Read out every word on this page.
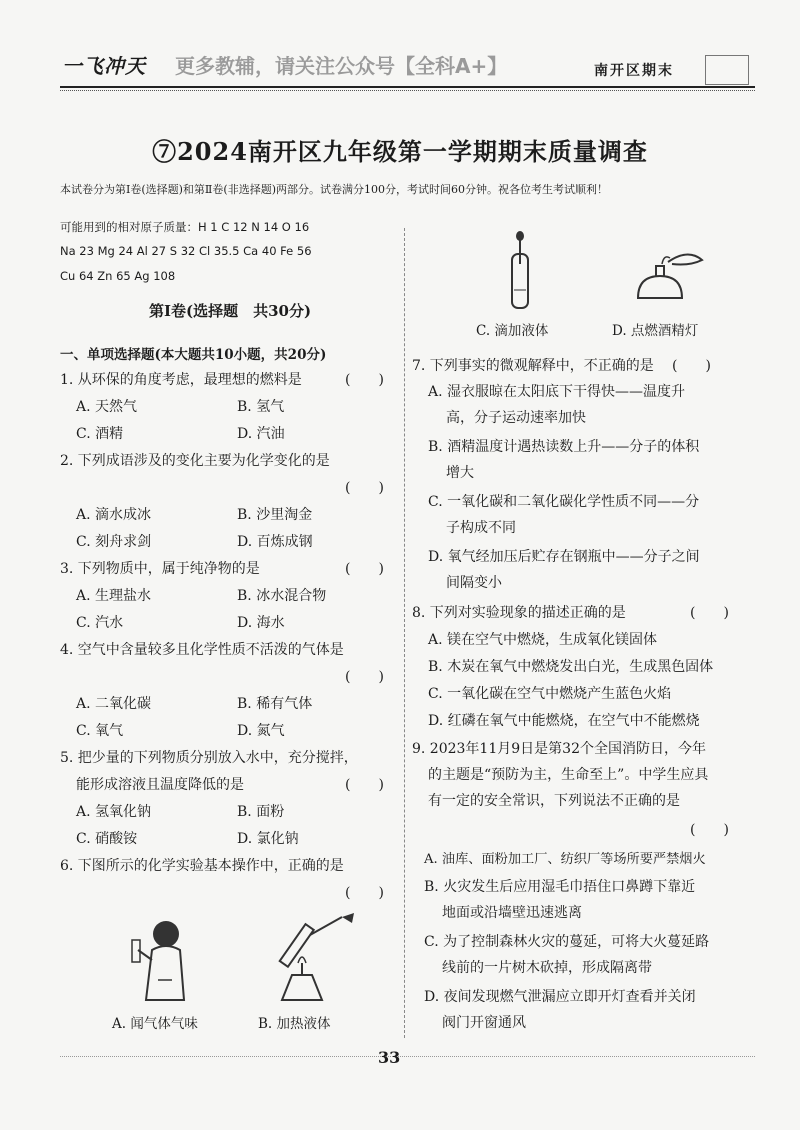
一飞冲天 更多教辅，请关注公众号【全科A+】	南开区期末
⑦2024南开区九年级第一学期期末质量调查
本试卷分为第Ⅰ卷(选择题)和第Ⅱ卷(非选择题)两部分。试卷满分100分，考试时间60分钟。祝各位考生考试顺利！
可能用到的相对原子质量：H 1 C 12 N 14 O 16
Na 23 Mg 24 Al 27 S 32 Cl 35.5 Ca 40 Fe 56
Cu 64 Zn 65 Ag 108
第Ⅰ卷(选择题　共30分)
一、单项选择题(本大题共10小题，共20分)
1. 从环保的角度考虑，最理想的燃料是	(　　)
A. 天然气	B. 氢气
C. 酒精	D. 汽油
2. 下列成语涉及的变化主要为化学变化的是
(　　)
A. 滴水成冰	B. 沙里淘金
C. 刻舟求剑	D. 百炼成钢
3. 下列物质中，属于纯净物的是	(　　)
A. 生理盐水	B. 冰水混合物
C. 汽水	D. 海水
4. 空气中含量较多且化学性质不活泼的气体是
(　　)
A. 二氧化碳	B. 稀有气体
C. 氧气	D. 氮气
5. 把少量的下列物质分别放入水中，充分搅拌，
能形成溶液且温度降低的是	(　　)
A. 氢氧化钠	B. 面粉
C. 硝酸铵	D. 氯化钠
6. 下图所示的化学实验基本操作中，正确的是
(　　)
A. 闻气体气味	B. 加热液体
C. 滴加液体	D. 点燃酒精灯
7. 下列事实的微观解释中，不正确的是 (　　)
A. 湿衣服晾在太阳底下干得快——温度升
高，分子运动速率加快
B. 酒精温度计遇热读数上升——分子的体积
增大
C. 一氧化碳和二氧化碳化学性质不同——分
子构成不同
D. 氧气经加压后贮存在钢瓶中——分子之间
间隔变小
8. 下列对实验现象的描述正确的是	(　　)
A. 镁在空气中燃烧，生成氧化镁固体
B. 木炭在氧气中燃烧发出白光，生成黑色固体
C. 一氧化碳在空气中燃烧产生蓝色火焰
D. 红磷在氧气中能燃烧，在空气中不能燃烧
9. 2023年11月9日是第32个全国消防日，今年
的主题是“预防为主，生命至上”。中学生应具
有一定的安全常识，下列说法不正确的是
(　　)
A. 油库、面粉加工厂、纺织厂等场所要严禁烟火
B. 火灾发生后应用湿毛巾捂住口鼻蹲下靠近
地面或沿墙壁迅速逃离
C. 为了控制森林火灾的蔓延，可将大火蔓延路
线前的一片树木砍掉，形成隔离带
D. 夜间发现燃气泄漏应立即开灯查看并关闭
阀门开窗通风
33
